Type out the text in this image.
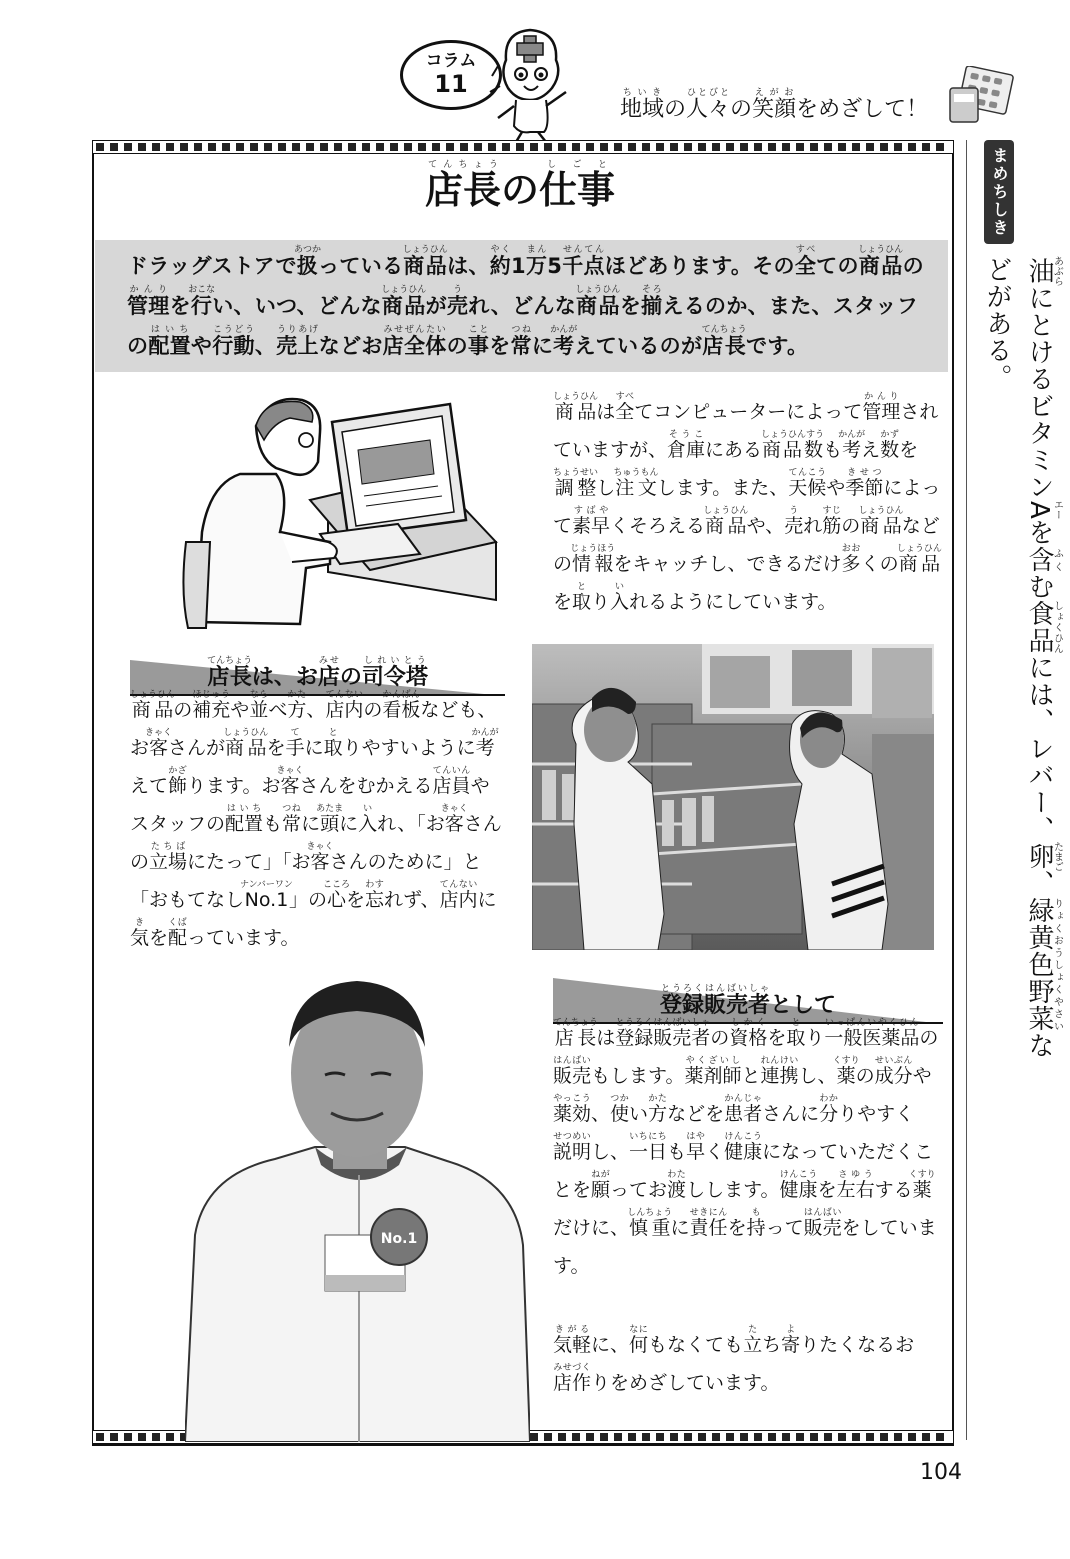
コラム
11
地域ちいきの人々ひとびとの笑顔えがおをめざして！
店長てんちょうの仕事しごと

ドラッグストアで扱あつかっている商品しょうひんは、約やく1万まん5千点せんてんほどあります。その全すべての商品しょうひんの管理かんりを行おこない、いつ、どんな商品しょうひんが売うれ、どんな商品しょうひんを揃そろえるのか、また、スタッフの配置はいちや行動こうどう、売上うりあげなどお店全体みせぜんたいの事ことを常つねに考かんがえているのが店長てんちょうです。

商品しょうひんは全すべてコンピューターによって管理かんりされていますが、倉庫そうこにある商品数しょうひんすうも考かんがえ数かずを調整ちょうせいし注文ちゅうもんします。また、天候てんこうや季節きせつによって素早すばやくそろえる商品しょうひんや、売うれ筋すじの商品しょうひんなどの情報じょうほうをキャッチし、できるだけ多おおくの商品しょうひんを取とり入いれるようにしています。

店長てんちょうは、お店みせの司令塔しれいとう

商品しょうひんの補充ほじゅうや並ならべ方かた、店内てんないの看板かんばんなども、お客きゃくさんが商品しょうひんを手てに取とりやすいように考かんがえて飾かざります。お客きゃくさんをむかえる店員てんいんやスタッフの配置はいちも常つねに頭あたまに入いれ、「お客きゃくさんの立場たちばにたって」「お客きゃくさんのために」と「おもてなしNo.1ナンバーワン」の心こころを忘わすれず、店内てんないに気きを配くばっています。

登録販売者とうろくはんばいしゃとして

店長てんちょうは登録販売者とうろくはんばいしゃの資格しかくを取とり一般医薬品いっぱんいやくひんの販売はんばいもします。薬剤師やくざいしと連携れんけいし、薬くすりの成分せいぶんや薬効やっこう、使つかい方かたなどを患者かんじゃさんに分わかりやすく説明せつめいし、一日いちにちも早はやく健康けんこうになっていただくことを願ねがってお渡わたしします。健康けんこうを左右さゆうする薬くすりだけに、慎重しんちょうに責任せきにんを持もって販売はんばいをしています。

No.1

気軽きがるに、何なにもなくても立たち寄よりたくなるお店作みせづくりをめざしています。

まめちしき
油あぶらにとけるビタミンAエーを含ふくむ食品しょくひんには、レバー、卵たまご、緑黄色野菜りょくおうしょくやさいなどがある。
104
